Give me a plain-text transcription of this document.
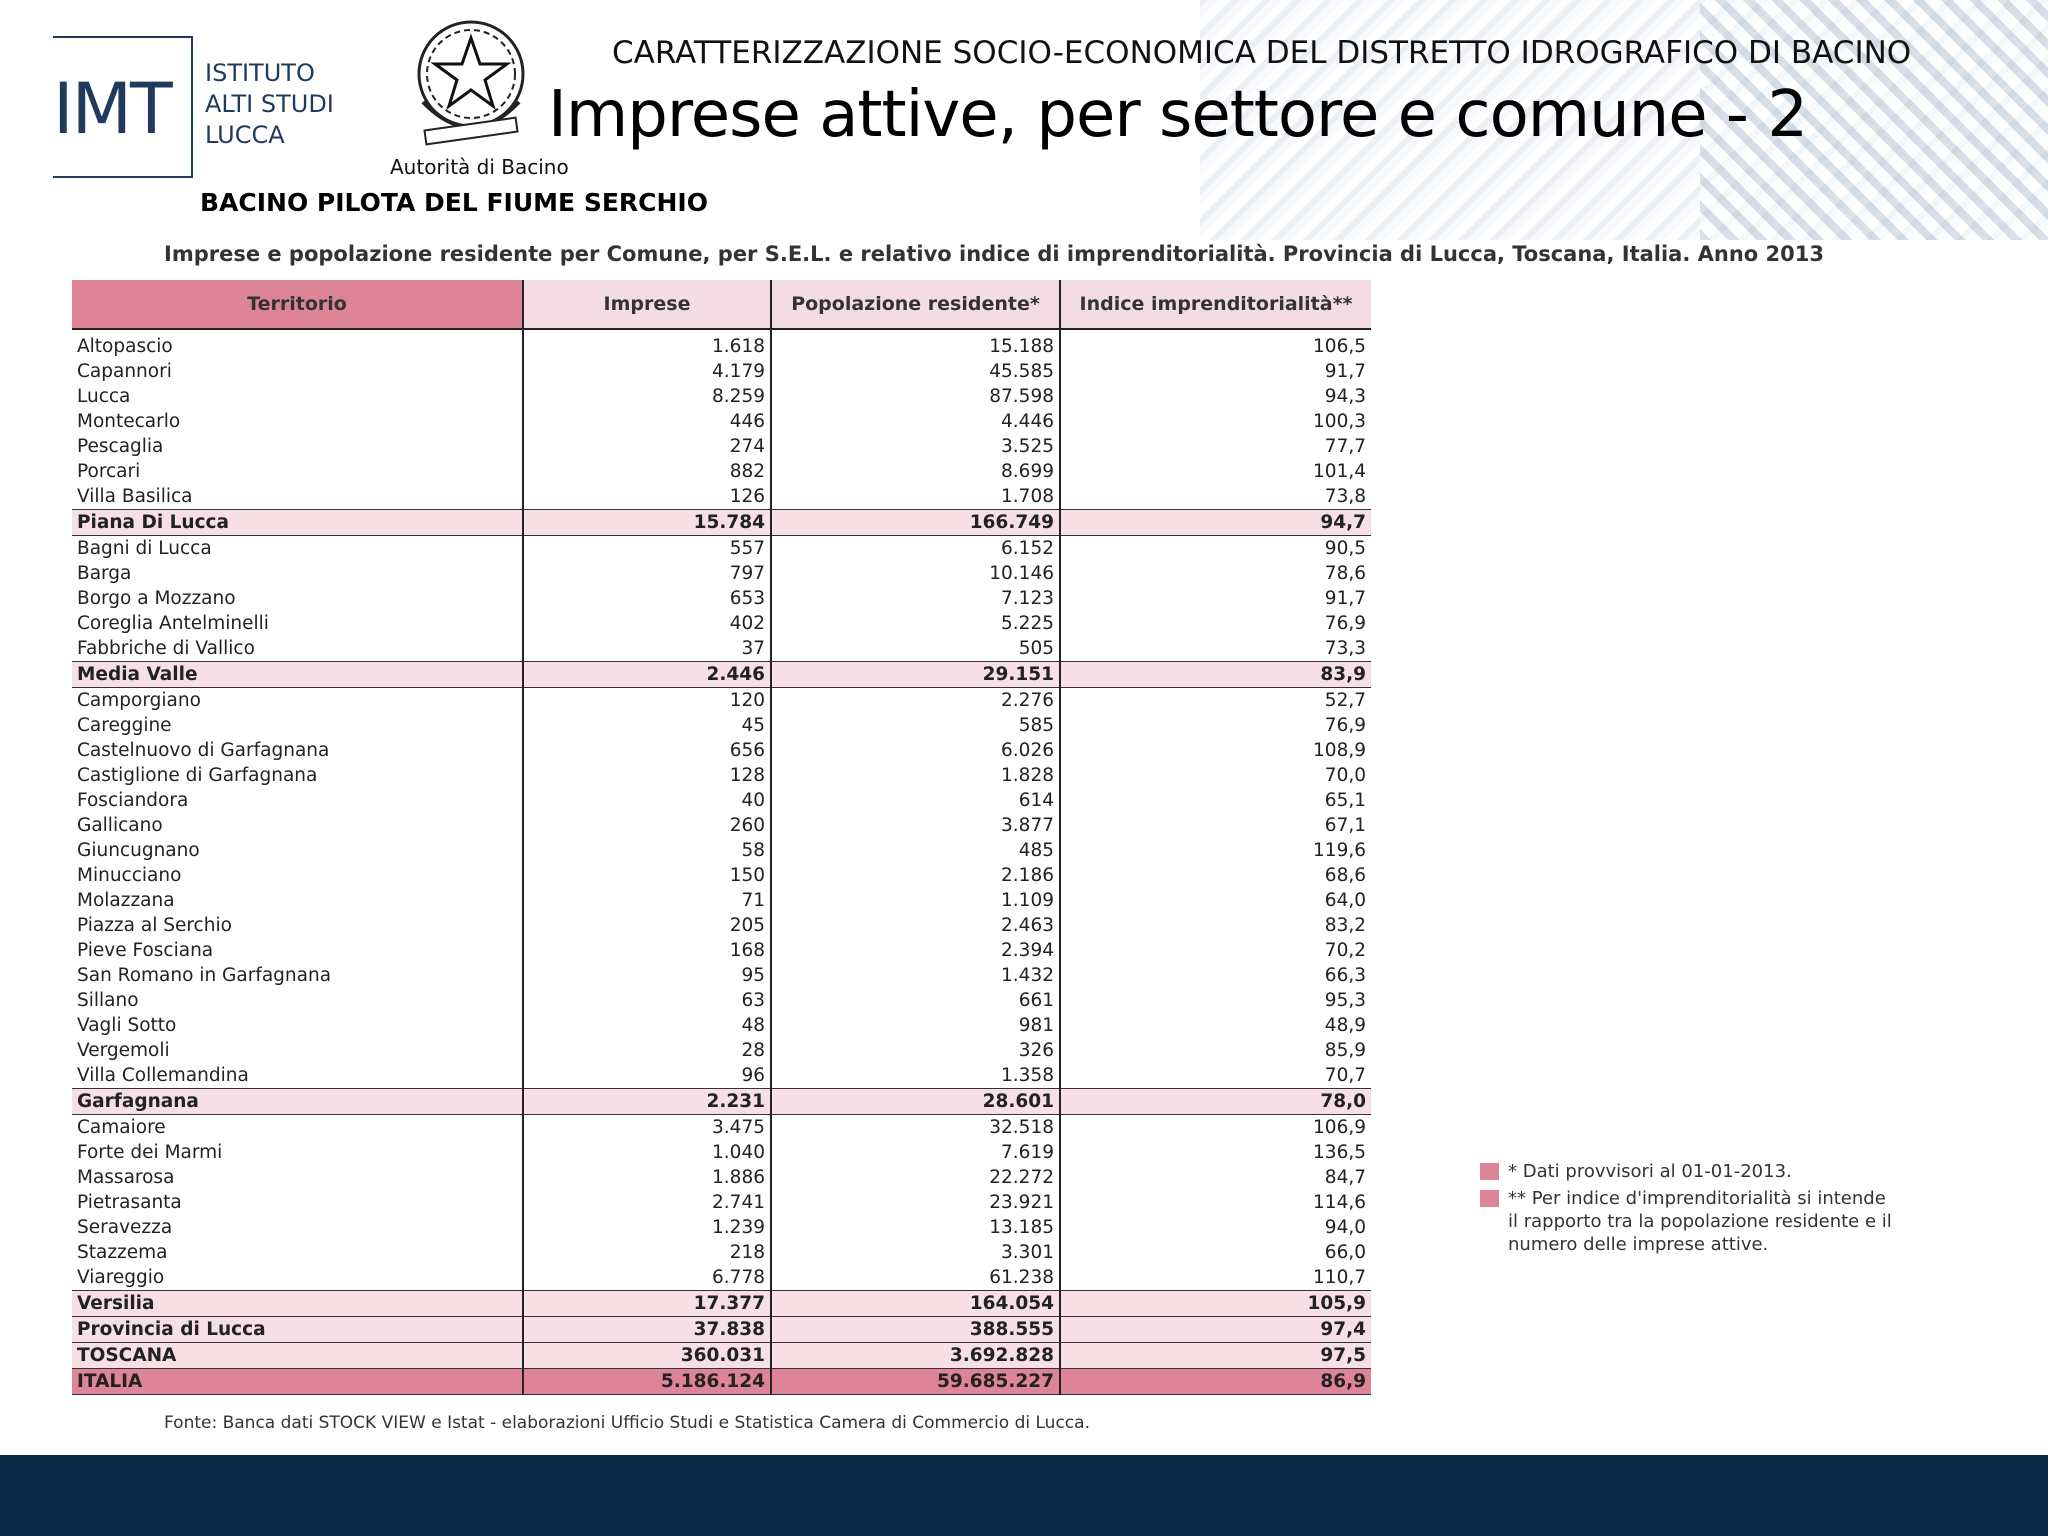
IMT ISTITUTO
ALTI STUDI
LUCCA
Autorità di Bacino
CARATTERIZZAZIONE SOCIO-ECONOMICA DEL DISTRETTO IDROGRAFICO DI BACINO
Imprese attive, per settore e comune - 2
BACINO PILOTA DEL FIUME SERCHIO
Imprese e popolazione residente per Comune, per S.E.L. e relativo indice di imprenditorialità. Provincia di Lucca, Toscana, Italia. Anno 2013
Territorio	Imprese	Popolazione residente*	Indice imprenditorialità**
Altopascio	1.618	15.188	106,5
Capannori	4.179	45.585	91,7
Lucca	8.259	87.598	94,3
Montecarlo	446	4.446	100,3
Pescaglia	274	3.525	77,7
Porcari	882	8.699	101,4
Villa Basilica	126	1.708	73,8
Piana Di Lucca	15.784	166.749	94,7
Bagni di Lucca	557	6.152	90,5
Barga	797	10.146	78,6
Borgo a Mozzano	653	7.123	91,7
Coreglia Antelminelli	402	5.225	76,9
Fabbriche di Vallico	37	505	73,3
Media Valle	2.446	29.151	83,9
Camporgiano	120	2.276	52,7
Careggine	45	585	76,9
Castelnuovo di Garfagnana	656	6.026	108,9
Castiglione di Garfagnana	128	1.828	70,0
Fosciandora	40	614	65,1
Gallicano	260	3.877	67,1
Giuncugnano	58	485	119,6
Minucciano	150	2.186	68,6
Molazzana	71	1.109	64,0
Piazza al Serchio	205	2.463	83,2
Pieve Fosciana	168	2.394	70,2
San Romano in Garfagnana	95	1.432	66,3
Sillano	63	661	95,3
Vagli Sotto	48	981	48,9
Vergemoli	28	326	85,9
Villa Collemandina	96	1.358	70,7
Garfagnana	2.231	28.601	78,0
Camaiore	3.475	32.518	106,9
Forte dei Marmi	1.040	7.619	136,5
Massarosa	1.886	22.272	84,7
Pietrasanta	2.741	23.921	114,6
Seravezza	1.239	13.185	94,0
Stazzema	218	3.301	66,0
Viareggio	6.778	61.238	110,7
Versilia	17.377	164.054	105,9
Provincia di Lucca	37.838	388.555	97,4
TOSCANA	360.031	3.692.828	97,5
ITALIA	5.186.124	59.685.227	86,9
* Dati provvisori al 01-01-2013.
** Per indice d'imprenditorialità si intende
il rapporto tra la popolazione residente e il
numero delle imprese attive.
Fonte: Banca dati STOCK VIEW e Istat - elaborazioni Ufficio Studi e Statistica Camera di Commercio di Lucca.
